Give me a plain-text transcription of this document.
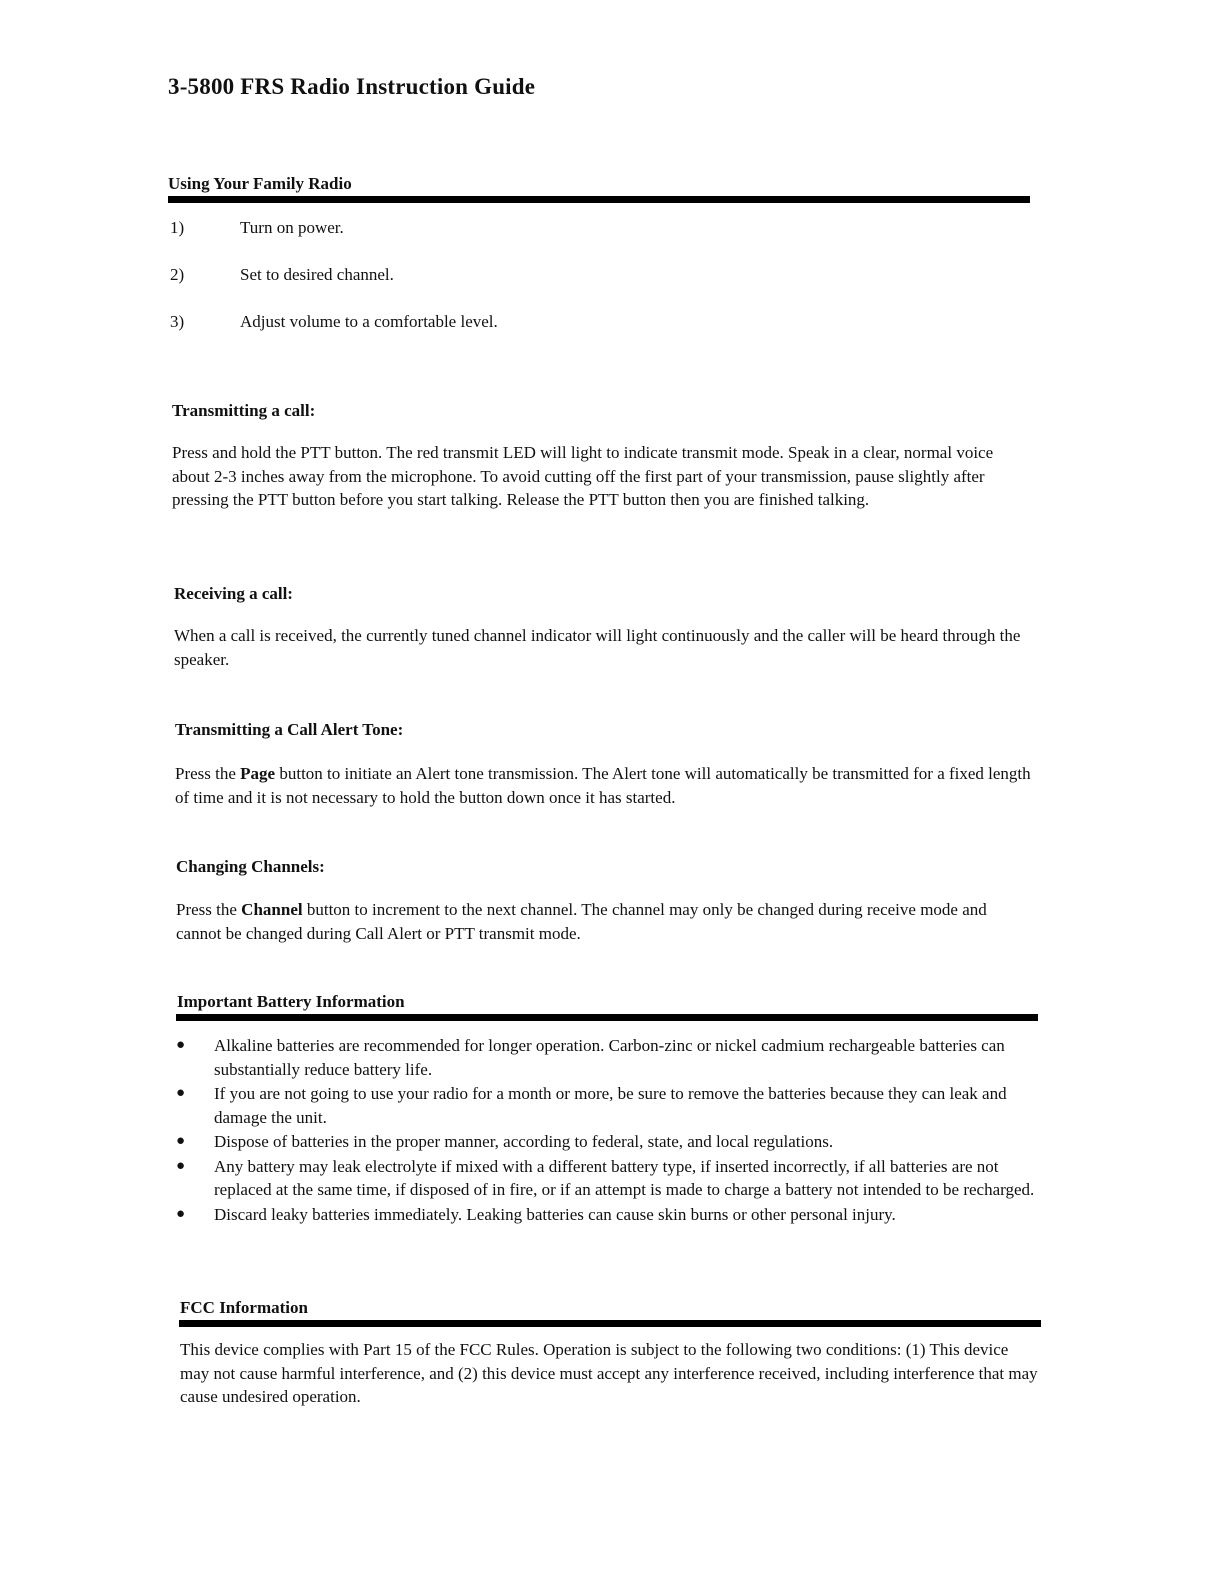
3-5800 FRS Radio Instruction Guide
Using Your Family Radio
1)	Turn on power.
2)	Set to desired channel.
3)	Adjust volume to a comfortable level.
Transmitting a call:

Press and hold the PTT button. The red transmit LED will light to indicate transmit mode. Speak in a clear, normal voice about 2-3 inches away from the microphone. To avoid cutting off the first part of your transmission, pause slightly after pressing the PTT button before you start talking. Release the PTT button then you are finished talking.

Receiving a call:

When a call is received, the currently tuned channel indicator will light continuously and the caller will be heard through the speaker.

Transmitting a Call Alert Tone:

Press the Page button to initiate an Alert tone transmission. The Alert tone will automatically be transmitted for a fixed length of time and it is not necessary to hold the button down once it has started.

Changing Channels:

Press the Channel button to increment to the next channel. The channel may only be changed during receive mode and cannot be changed during Call Alert or PTT transmit mode.

Important Battery Information
●	Alkaline batteries are recommended for longer operation. Carbon-zinc or nickel cadmium rechargeable batteries can substantially reduce battery life.
●	If you are not going to use your radio for a month or more, be sure to remove the batteries because they can leak and damage the unit.
●	Dispose of batteries in the proper manner, according to federal, state, and local regulations.
●	Any battery may leak electrolyte if mixed with a different battery type, if inserted incorrectly, if all batteries are not replaced at the same time, if disposed of in fire, or if an attempt is made to charge a battery not intended to be recharged.
●	Discard leaky batteries immediately. Leaking batteries can cause skin burns or other personal injury.
FCC Information

This device complies with Part 15 of the FCC Rules. Operation is subject to the following two conditions: (1) This device may not cause harmful interference, and (2) this device must accept any interference received, including interference that may cause undesired operation.
